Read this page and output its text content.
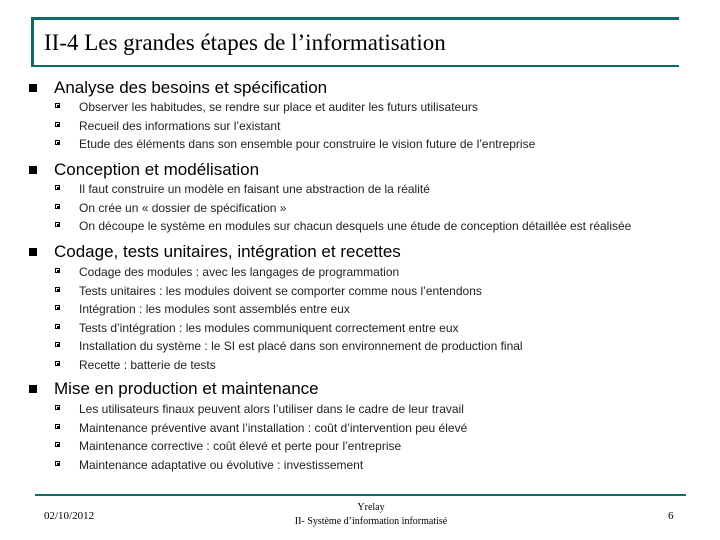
II-4 Les grandes étapes de l’informatisation
Analyse des besoins et spécification
Observer les habitudes, se rendre sur place et auditer les futurs utilisateurs
Recueil des informations sur l’existant
Etude des éléments dans son ensemble pour construire le vision future de l’entreprise
Conception et modélisation
Il faut construire un modèle en faisant une abstraction de la réalité
On crée un « dossier de spécification »
On découpe le système en modules sur chacun desquels une étude de conception détaillée est réalisée
Codage, tests unitaires, intégration et recettes
Codage des modules : avec les langages de programmation
Tests unitaires : les modules doivent se comporter comme nous l’entendons
Intégration : les modules sont assemblés entre eux
Tests d’intégration : les modules communiquent correctement entre eux
Installation du système : le SI est placé dans son environnement de production final
Recette : batterie de tests
Mise en production et maintenance
Les utilisateurs finaux peuvent alors l’utiliser dans le cadre de leur travail
Maintenance préventive avant l’installation : coût d’intervention peu élevé
Maintenance corrective : coût élevé et perte pour l’entreprise
Maintenance adaptative ou évolutive : investissement
02/10/2012
Yrelay
II- Système d’information informatisé	6
